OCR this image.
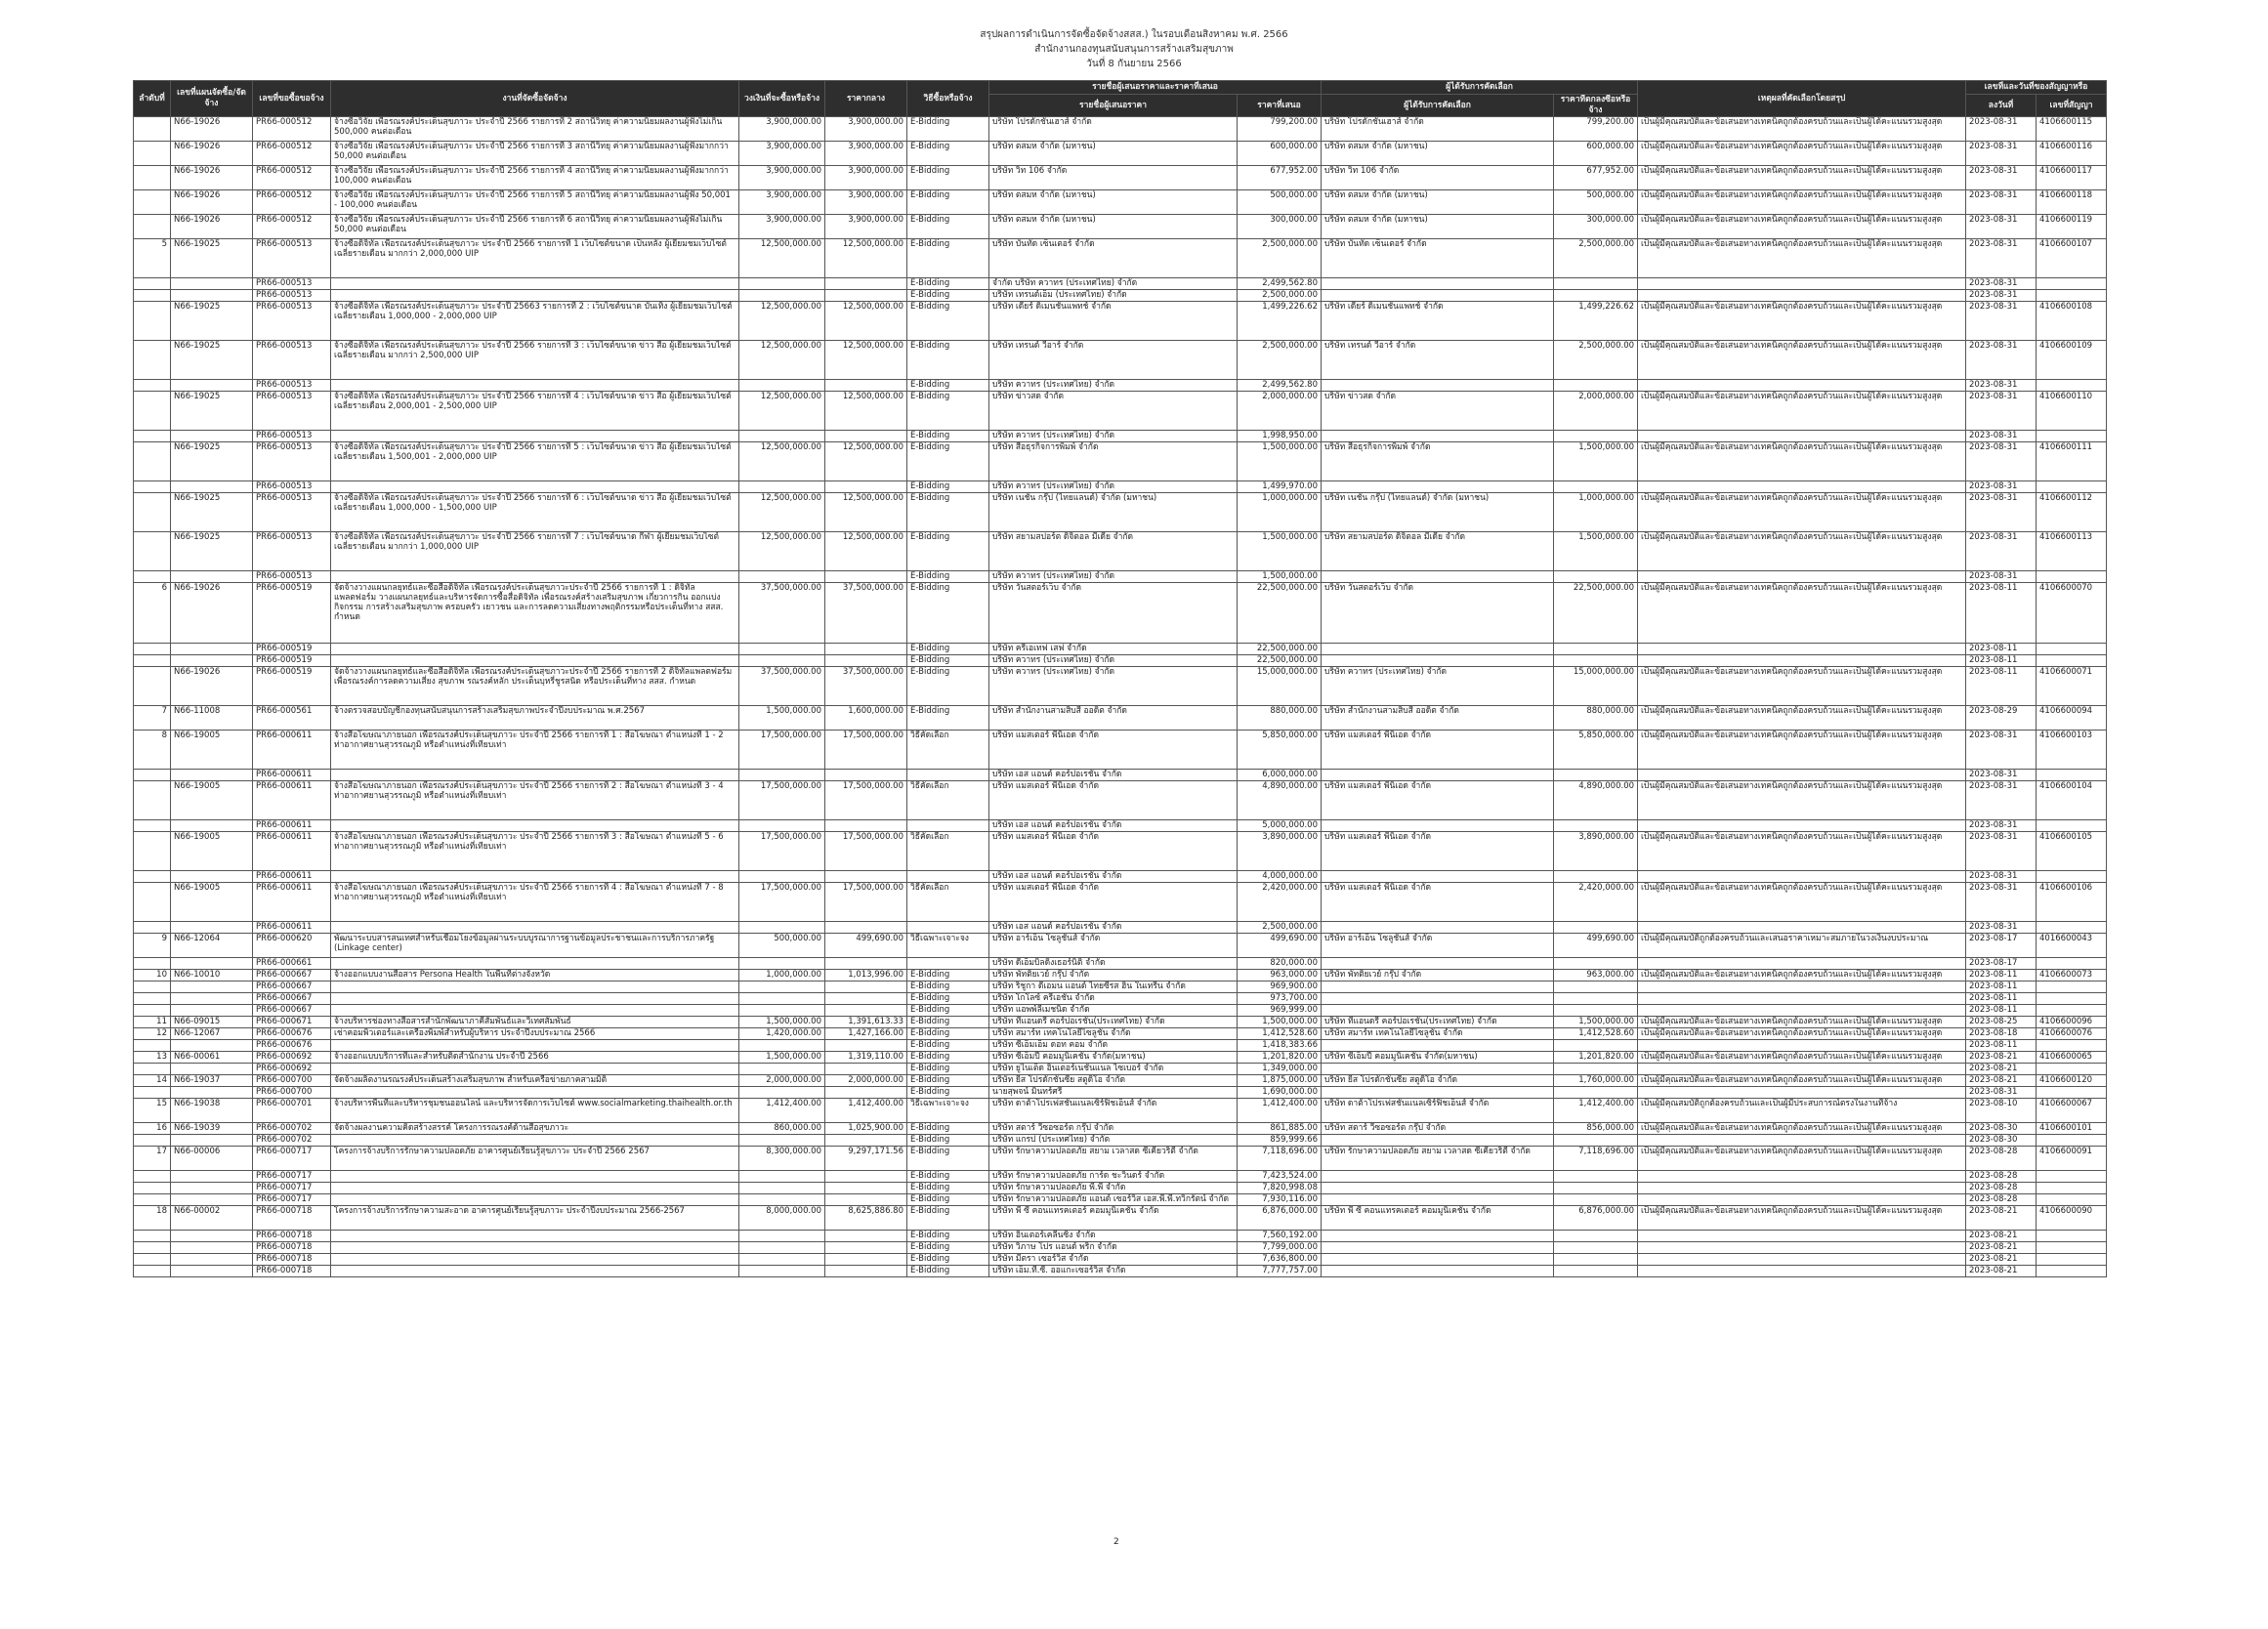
สรุปผลการดำเนินการจัดซื้อจัดจ้างสสส.) ในรอบเดือนสิงหาคม พ.ศ. 2566
สำนักงานกองทุนสนับสนุนการสร้างเสริมสุขภาพ
วันที่ 8 กันยายน 2566
ลำดับที่	เลขที่แผนจัดซื้อ/จัดจ้าง	เลขที่ขอซื้อขอจ้าง	งานที่จัดซื้อจัดจ้าง	วงเงินที่จะซื้อหรือจ้าง	ราคากลาง	วิธีซื้อหรือจ้าง	รายชื่อผู้เสนอราคาและราคาที่เสนอ		ผู้ได้รับการคัดเลือก		เหตุผลที่คัดเลือกโดยสรุป	เลขที่และวันที่ของสัญญาหรือ	
							รายชื่อผู้เสนอราคา	ราคาที่เสนอ	ผู้ได้รับการคัดเลือก	ราคาที่ตกลงซื้อหรือจ้าง		ลงวันที่	เลขที่สัญญา
	N66-19026	PR66-000512	จ้างซื้อวิจัย เพื่อรณรงค์ประเด็นสุขภาวะ ประจำปี 2566 รายการที่ 2 สถานีวิทยุ ค่าความนิยมผลงานผู้ฟังไม่เกิน 500,000 คนต่อเดือน	3,900,000.00	3,900,000.00	E-Bidding	บริษัท โปรดักชั่นเฮาส์ จำกัด	799,200.00	บริษัท โปรดักชั่นเฮาส์ จำกัด	799,200.00	เป็นผู้มีคุณสมบัติและข้อเสนอทางเทคนิคถูกต้องครบถ้วนและเป็นผู้ได้คะแนนรวมสูงสุด	2023-08-31	4106600115
	N66-19026	PR66-000512	จ้างซื้อวิจัย เพื่อรณรงค์ประเด็นสุขภาวะ ประจำปี 2566 รายการที่ 3 สถานีวิทยุ ค่าความนิยมผลงานผู้ฟังมากกว่า 50,000 คนต่อเดือน	3,900,000.00	3,900,000.00	E-Bidding	บริษัท ตสมห จำกัด (มหาชน)	600,000.00	บริษัท ตสมห จำกัด (มหาชน)	600,000.00	เป็นผู้มีคุณสมบัติและข้อเสนอทางเทคนิคถูกต้องครบถ้วนและเป็นผู้ได้คะแนนรวมสูงสุด	2023-08-31	4106600116
	N66-19026	PR66-000512	จ้างซื้อวิจัย เพื่อรณรงค์ประเด็นสุขภาวะ ประจำปี 2566 รายการที่ 4 สถานีวิทยุ ค่าความนิยมผลงานผู้ฟังมากกว่า 100,000 คนต่อเดือน	3,900,000.00	3,900,000.00	E-Bidding	บริษัท วิท 106 จำกัด	677,952.00	บริษัท วิท 106 จำกัด	677,952.00	เป็นผู้มีคุณสมบัติและข้อเสนอทางเทคนิคถูกต้องครบถ้วนและเป็นผู้ได้คะแนนรวมสูงสุด	2023-08-31	4106600117
	N66-19026	PR66-000512	จ้างซื้อวิจัย เพื่อรณรงค์ประเด็นสุขภาวะ ประจำปี 2566 รายการที่ 5 สถานีวิทยุ ค่าความนิยมผลงานผู้ฟัง 50,001 - 100,000 คนต่อเดือน	3,900,000.00	3,900,000.00	E-Bidding	บริษัท ตสมห จำกัด (มหาชน)	500,000.00	บริษัท ตสมห จำกัด (มหาชน)	500,000.00	เป็นผู้มีคุณสมบัติและข้อเสนอทางเทคนิคถูกต้องครบถ้วนและเป็นผู้ได้คะแนนรวมสูงสุด	2023-08-31	4106600118
	N66-19026	PR66-000512	จ้างซื้อวิจัย เพื่อรณรงค์ประเด็นสุขภาวะ ประจำปี 2566 รายการที่ 6 สถานีวิทยุ ค่าความนิยมผลงานผู้ฟังไม่เกิน 50,000 คนต่อเดือน	3,900,000.00	3,900,000.00	E-Bidding	บริษัท ตสมห จำกัด (มหาชน)	300,000.00	บริษัท ตสมห จำกัด (มหาชน)	300,000.00	เป็นผู้มีคุณสมบัติและข้อเสนอทางเทคนิคถูกต้องครบถ้วนและเป็นผู้ได้คะแนนรวมสูงสุด	2023-08-31	4106600119
5	N66-19025	PR66-000513	จ้างซื้อดิจิทัล เพื่อรณรงค์ประเด็นสุขภาวะ ประจำปี 2566 รายการที่ 1 เว็บไซต์ขนาด เป็นหลัง ผู้เยี่ยมชมเว็บไซต์เฉลี่ยรายเดือน มากกว่า 2,000,000 UIP	12,500,000.00	12,500,000.00	E-Bidding	บริษัท บันทัด เซ็นเตอร์ จำกัด	2,500,000.00	บริษัท บันทัด เซ็นเตอร์ จำกัด	2,500,000.00	เป็นผู้มีคุณสมบัติและข้อเสนอทางเทคนิคถูกต้องครบถ้วนและเป็นผู้ได้คะแนนรวมสูงสุด	2023-08-31	4106600107
		PR66-000513				E-Bidding	จำกัด บริษัท ควาทร (ประเทศไทย) จำกัด	2,499,562.80				2023-08-31	
		PR66-000513				E-Bidding	บริษัท เทรนด์เอ็ม (ประเทศไทย) จำกัด	2,500,000.00				2023-08-31	
	N66-19025	PR66-000513	จ้างซื้อดิจิทัล เพื่อรณรงค์ประเด็นสุขภาวะ ประจำปี 25663 รายการที่ 2 : เว็บไซต์ขนาด บันเทิง ผู้เยี่ยมชมเว็บไซต์ เฉลี่ยรายเดือน 1,000,000 - 2,000,000 UIP	12,500,000.00	12,500,000.00	E-Bidding	บริษัท เดียร์ ดิเมนชันแพทช์ จำกัด	1,499,226.62	บริษัท เดียร์ ดิเมนชันแพทช์ จำกัด	1,499,226.62	เป็นผู้มีคุณสมบัติและข้อเสนอทางเทคนิคถูกต้องครบถ้วนและเป็นผู้ได้คะแนนรวมสูงสุด	2023-08-31	4106600108
	N66-19025	PR66-000513	จ้างซื้อดิจิทัล เพื่อรณรงค์ประเด็นสุขภาวะ ประจำปี 2566 รายการที่ 3 : เว็บไซต์ขนาด ข่าว สื่อ ผู้เยี่ยมชมเว็บไซต์ เฉลี่ยรายเดือน มากกว่า 2,500,000 UIP	12,500,000.00	12,500,000.00	E-Bidding	บริษัท เทรนด์ วีอาร์ จำกัด	2,500,000.00	บริษัท เทรนด์ วีอาร์ จำกัด	2,500,000.00	เป็นผู้มีคุณสมบัติและข้อเสนอทางเทคนิคถูกต้องครบถ้วนและเป็นผู้ได้คะแนนรวมสูงสุด	2023-08-31	4106600109
		PR66-000513				E-Bidding	บริษัท ควาทร (ประเทศไทย) จำกัด	2,499,562.80				2023-08-31	
	N66-19025	PR66-000513	จ้างซื้อดิจิทัล เพื่อรณรงค์ประเด็นสุขภาวะ ประจำปี 2566 รายการที่ 4 : เว็บไซต์ขนาด ข่าว สื่อ ผู้เยี่ยมชมเว็บไซต์ เฉลี่ยรายเดือน 2,000,001 - 2,500,000 UIP	12,500,000.00	12,500,000.00	E-Bidding	บริษัท ข่าวสด จำกัด	2,000,000.00	บริษัท ข่าวสด จำกัด	2,000,000.00	เป็นผู้มีคุณสมบัติและข้อเสนอทางเทคนิคถูกต้องครบถ้วนและเป็นผู้ได้คะแนนรวมสูงสุด	2023-08-31	4106600110
		PR66-000513				E-Bidding	บริษัท ควาทร (ประเทศไทย) จำกัด	1,998,950.00				2023-08-31	
	N66-19025	PR66-000513	จ้างซื้อดิจิทัล เพื่อรณรงค์ประเด็นสุขภาวะ ประจำปี 2566 รายการที่ 5 : เว็บไซต์ขนาด ข่าว สื่อ ผู้เยี่ยมชมเว็บไซต์ เฉลี่ยรายเดือน 1,500,001 - 2,000,000 UIP	12,500,000.00	12,500,000.00	E-Bidding	บริษัท สื่อธุรกิจการพิมพ์ จำกัด	1,500,000.00	บริษัท สื่อธุรกิจการพิมพ์ จำกัด	1,500,000.00	เป็นผู้มีคุณสมบัติและข้อเสนอทางเทคนิคถูกต้องครบถ้วนและเป็นผู้ได้คะแนนรวมสูงสุด	2023-08-31	4106600111
		PR66-000513				E-Bidding	บริษัท ควาทร (ประเทศไทย) จำกัด	1,499,970.00				2023-08-31	
	N66-19025	PR66-000513	จ้างซื้อดิจิทัล เพื่อรณรงค์ประเด็นสุขภาวะ ประจำปี 2566 รายการที่ 6 : เว็บไซต์ขนาด ข่าว สื่อ ผู้เยี่ยมชมเว็บไซต์ เฉลี่ยรายเดือน 1,000,000 - 1,500,000 UIP	12,500,000.00	12,500,000.00	E-Bidding	บริษัท เนชั่น กรุ๊ป (ไทยแลนด์) จำกัด (มหาชน)	1,000,000.00	บริษัท เนชั่น กรุ๊ป (ไทยแลนด์) จำกัด (มหาชน)	1,000,000.00	เป็นผู้มีคุณสมบัติและข้อเสนอทางเทคนิคถูกต้องครบถ้วนและเป็นผู้ได้คะแนนรวมสูงสุด	2023-08-31	4106600112
	N66-19025	PR66-000513	จ้างซื้อดิจิทัล เพื่อรณรงค์ประเด็นสุขภาวะ ประจำปี 2566 รายการที่ 7 : เว็บไซต์ขนาด กีฬา ผู้เยี่ยมชมเว็บไซต์ เฉลี่ยรายเดือน มากกว่า 1,000,000 UIP	12,500,000.00	12,500,000.00	E-Bidding	บริษัท สยามสปอร์ต ดิจิตอล มีเดีย จำกัด	1,500,000.00	บริษัท สยามสปอร์ต ดิจิตอล มีเดีย จำกัด	1,500,000.00	เป็นผู้มีคุณสมบัติและข้อเสนอทางเทคนิคถูกต้องครบถ้วนและเป็นผู้ได้คะแนนรวมสูงสุด	2023-08-31	4106600113
		PR66-000513				E-Bidding	บริษัท ควาทร (ประเทศไทย) จำกัด	1,500,000.00				2023-08-31	
6	N66-19026	PR66-000519	จัดจ้างวางแผนกลยุทธ์และซื้อสื่อดิจิทัล เพื่อรณรงค์ประเด็นสุขภาวะประจำปี 2566 รายการที่ 1 : ดิจิทัลแพลตฟอร์ม วางแผนกลยุทธ์และบริหารจัดการซื้อสื่อดิจิทัล เพื่อรณรงค์สร้างเสริมสุขภาพ เกี่ยวการกิน ออกแบ่งกิจกรรม การสร้างเสริมสุขภาพ ครอบครัว เยาวชน และการลดความเสี่ยงทางพฤติกรรมหรือประเด็นที่ทาง สสส. กำหนด	37,500,000.00	37,500,000.00	E-Bidding	บริษัท วันสตอร์เว็บ จำกัด	22,500,000.00	บริษัท วันสตอร์เว็บ จำกัด	22,500,000.00	เป็นผู้มีคุณสมบัติและข้อเสนอทางเทคนิคถูกต้องครบถ้วนและเป็นผู้ได้คะแนนรวมสูงสุด	2023-08-11	4106600070
		PR66-000519				E-Bidding	บริษัท ครีเอเทฟ เสฟ จำกัด	22,500,000.00				2023-08-11	
		PR66-000519				E-Bidding	บริษัท ควาทร (ประเทศไทย) จำกัด	22,500,000.00				2023-08-11	
	N66-19026	PR66-000519	จัดจ้างวางแผนกลยุทธ์และซื้อสื่อดิจิทัล เพื่อรณรงค์ประเด็นสุขภาวะประจำปี 2566 รายการที่ 2 ดิจิทัลแพลตฟอร์ม เพื่อรณรงค์การลดความเสี่ยง สุขภาพ รณรงค์หลัก ประเด็นบุหรี่ชูรสนิด หรือประเด็นที่ทาง สสส. กำหนด	37,500,000.00	37,500,000.00	E-Bidding	บริษัท ควาทร (ประเทศไทย) จำกัด	15,000,000.00	บริษัท ควาทร (ประเทศไทย) จำกัด	15,000,000.00	เป็นผู้มีคุณสมบัติและข้อเสนอทางเทคนิคถูกต้องครบถ้วนและเป็นผู้ได้คะแนนรวมสูงสุด	2023-08-11	4106600071
7	N66-11008	PR66-000561	จ้างตรวจสอบบัญชีกองทุนสนับสนุนการสร้างเสริมสุขภาพประจำปีงบประมาณ พ.ศ.2567	1,500,000.00	1,600,000.00	E-Bidding	บริษัท สำนักงานสามสิบสี่ ออดิต จำกัด	880,000.00	บริษัท สำนักงานสามสิบสี่ ออดิต จำกัด	880,000.00	เป็นผู้มีคุณสมบัติและข้อเสนอทางเทคนิคถูกต้องครบถ้วนและเป็นผู้ได้คะแนนรวมสูงสุด	2023-08-29	4106600094
8	N66-19005	PR66-000611	จ้างสื่อโฆษณาภายนอก เพื่อรณรงค์ประเด็นสุขภาวะ ประจำปี 2566 รายการที่ 1 : สื่อโฆษณา ตำแหน่งที่ 1 - 2 ท่าอากาศยานสุวรรณภูมิ หรือตำแหน่งที่เทียบเท่า	17,500,000.00	17,500,000.00	วิธีคัดเลือก	บริษัท แมสเตอร์ พีนิเอด จำกัด	5,850,000.00	บริษัท แมสเตอร์ พีนิเอด จำกัด	5,850,000.00	เป็นผู้มีคุณสมบัติและข้อเสนอทางเทคนิคถูกต้องครบถ้วนและเป็นผู้ได้คะแนนรวมสูงสุด	2023-08-31	4106600103
		PR66-000611					บริษัท เอส แอนด์ คอร์ปอเรชั่น จำกัด	6,000,000.00				2023-08-31	
	N66-19005	PR66-000611	จ้างสื่อโฆษณาภายนอก เพื่อรณรงค์ประเด็นสุขภาวะ ประจำปี 2566 รายการที่ 2 : สื่อโฆษณา ตำแหน่งที่ 3 - 4 ท่าอากาศยานสุวรรณภูมิ หรือตำแหน่งที่เทียบเท่า	17,500,000.00	17,500,000.00	วิธีคัดเลือก	บริษัท แมสเตอร์ พีนิเอด จำกัด	4,890,000.00	บริษัท แมสเตอร์ พีนิเอด จำกัด	4,890,000.00	เป็นผู้มีคุณสมบัติและข้อเสนอทางเทคนิคถูกต้องครบถ้วนและเป็นผู้ได้คะแนนรวมสูงสุด	2023-08-31	4106600104
		PR66-000611					บริษัท เอส แอนด์ คอร์ปอเรชั่น จำกัด	5,000,000.00				2023-08-31	
	N66-19005	PR66-000611	จ้างสื่อโฆษณาภายนอก เพื่อรณรงค์ประเด็นสุขภาวะ ประจำปี 2566 รายการที่ 3 : สื่อโฆษณา ตำแหน่งที่ 5 - 6 ท่าอากาศยานสุวรรณภูมิ หรือตำแหน่งที่เทียบเท่า	17,500,000.00	17,500,000.00	วิธีคัดเลือก	บริษัท แมสเตอร์ พีนิเอด จำกัด	3,890,000.00	บริษัท แมสเตอร์ พีนิเอด จำกัด	3,890,000.00	เป็นผู้มีคุณสมบัติและข้อเสนอทางเทคนิคถูกต้องครบถ้วนและเป็นผู้ได้คะแนนรวมสูงสุด	2023-08-31	4106600105
		PR66-000611					บริษัท เอส แอนด์ คอร์ปอเรชั่น จำกัด	4,000,000.00				2023-08-31	
	N66-19005	PR66-000611	จ้างสื่อโฆษณาภายนอก เพื่อรณรงค์ประเด็นสุขภาวะ ประจำปี 2566 รายการที่ 4 : สื่อโฆษณา ตำแหน่งที่ 7 - 8 ท่าอากาศยานสุวรรณภูมิ หรือตำแหน่งที่เทียบเท่า	17,500,000.00	17,500,000.00	วิธีคัดเลือก	บริษัท แมสเตอร์ พีนิเอด จำกัด	2,420,000.00	บริษัท แมสเตอร์ พีนิเอด จำกัด	2,420,000.00	เป็นผู้มีคุณสมบัติและข้อเสนอทางเทคนิคถูกต้องครบถ้วนและเป็นผู้ได้คะแนนรวมสูงสุด	2023-08-31	4106600106
		PR66-000611					บริษัท เอส แอนด์ คอร์ปอเรชั่น จำกัด	2,500,000.00				2023-08-31	
9	N66-12064	PR66-000620	พัฒนาระบบสารสนเทศสำหรับเชื่อมโยงข้อมูลผ่านระบบบูรณาการฐานข้อมูลประชาชนและการบริการภาครัฐ (Linkage center)	500,000.00	499,690.00	วิธีเฉพาะเจาะจง	บริษัท อาร์เอ็น โซลูชั่นส์ จำกัด	499,690.00	บริษัท อาร์เอ็น โซลูชั่นส์ จำกัด	499,690.00	เป็นผู้มีคุณสมบัติถูกต้องครบถ้วนและเสนอราคาเหมาะสมภายในวงเงินงบประมาณ	2023-08-17	4016600043
		PR66-000661					บริษัท ดีเอ็มบิลดิ้งเธอร์นิติ จำกัด	820,000.00				2023-08-17	
10	N66-10010	PR66-000667	จ้างออกแบบงานสื่อสาร Persona Health ในพื้นที่ต่างจังหวัด	1,000,000.00	1,013,996.00	E-Bidding	บริษัท พัทติยเวย์ กรุ๊ป จำกัด	963,000.00	บริษัท พัทติยเวย์ กรุ๊ป จำกัด	963,000.00	เป็นผู้มีคุณสมบัติและข้อเสนอทางเทคนิคถูกต้องครบถ้วนและเป็นผู้ได้คะแนนรวมสูงสุด	2023-08-11	4106600073
		PR66-000667				E-Bidding	บริษัท ริชูกา ดีเอมน แอนด์ ไทยซีรส ฮิน ในเทรีน จำกัด	969,900.00				2023-08-11	
		PR66-000667				E-Bidding	บริษัท โกโลซ์ ครีเอชั่น จำกัด	973,700.00				2023-08-11	
		PR66-000667				E-Bidding	บริษัท แอพพ์ลีเมชนิด จำกัด	969,999.00				2023-08-11	
11	N66-09015	PR66-000671	จ้างบริหารช่องทางสื่อสารสำนักพัฒนาภาคีสัมพันธ์และวิเทศสัมพันธ์	1,500,000.00	1,391,613.33	E-Bidding	บริษัท ทีแอนดรี คอร์ปอเรชั่น(ประเทศไทย) จำกัด	1,500,000.00	บริษัท ทีแอนดรี คอร์ปอเรชั่น(ประเทศไทย) จำกัด	1,500,000.00	เป็นผู้มีคุณสมบัติและข้อเสนอทางเทคนิคถูกต้องครบถ้วนและเป็นผู้ได้คะแนนรวมสูงสุด	2023-08-25	4106600096
12	N66-12067	PR66-000676	เช่าคอมพิวเตอร์และเครื่องพิมพ์สำหรับผู้บริหาร ประจำปีงบประมาณ 2566	1,420,000.00	1,427,166.00	E-Bidding	บริษัท สมาร์ท เทคโนโลยีไซลูชั่น จำกัด	1,412,528.60	บริษัท สมาร์ท เทคโนโลยีไซลูชั่น จำกัด	1,412,528.60	เป็นผู้มีคุณสมบัติและข้อเสนอทางเทคนิคถูกต้องครบถ้วนและเป็นผู้ได้คะแนนรวมสูงสุด	2023-08-18	4106600076
		PR66-000676				E-Bidding	บริษัท ซีเอ็มเอ็ม ดอท คอม จำกัด	1,418,383.66				2023-08-11	
13	N66-00061	PR66-000692	จ้างออกแบบบริการที่และสำหรับติดสำนักงาน ประจำปี 2566	1,500,000.00	1,319,110.00	E-Bidding	บริษัท ซีเอ็มปี คอมมูนิเคชั่น จำกัด(มหาชน)	1,201,820.00	บริษัท ซีเอ็มปี คอมมูนิเคชั่น จำกัด(มหาชน)	1,201,820.00	เป็นผู้มีคุณสมบัติและข้อเสนอทางเทคนิคถูกต้องครบถ้วนและเป็นผู้ได้คะแนนรวมสูงสุด	2023-08-21	4106600065
		PR66-000692				E-Bidding	บริษัท ยูไนเต็ด อินเตอร์เนชั่นแนล ไซเบอร์ จำกัด	1,349,000.00				2023-08-21	
14	N66-19037	PR66-000700	จัดจ้างผลิตงานรณรงค์ประเด็นสร้างเสริมสุขภาพ สำหรับเครือข่ายภาคสามมิติ	2,000,000.00	2,000,000.00	E-Bidding	บริษัท ยีส โปรดักชั่นซีย สตูดิโอ จำกัด	1,875,000.00	บริษัท ยีส โปรดักชั่นซีย สตูดิโอ จำกัด	1,760,000.00	เป็นผู้มีคุณสมบัติและข้อเสนอทางเทคนิคถูกต้องครบถ้วนและเป็นผู้ได้คะแนนรวมสูงสุด	2023-08-21	4106600120
		PR66-000700				E-Bidding	นายสุพจน์ มินทร์ศรี	1,690,000.00				2023-08-31	
15	N66-19038	PR66-000701	จ้างบริหารพื้นที่และบริหารชุมชนออนไลน์ และบริหารจัดการเว็บไซต์ www.socialmarketing.thaihealth.or.th	1,412,400.00	1,412,400.00	วิธีเฉพาะเจาะจง	บริษัท ดาต้าโปรเฟสชันแนลเซิร์ฟิชเอ็นส์ จำกัด	1,412,400.00	บริษัท ดาต้าโปรเฟสชันแนลเซิร์ฟิชเอ็นส์ จำกัด	1,412,400.00	เป็นผู้มีคุณสมบัติถูกต้องครบถ้วนและเป็นผู้มีประสบการณ์ตรงในงานที่จ้าง	2023-08-10	4106600067
16	N66-19039	PR66-000702	จัดจ้างผลงานความคิดสร้างสรรค์ โครงการรณรงค์ด้านสื่อสุขภาวะ	860,000.00	1,025,900.00	E-Bidding	บริษัท สตาร์ วีซอซอร์ต กรุ๊ป จำกัด	861,885.00	บริษัท สตาร์ วีซอซอร์ต กรุ๊ป จำกัด	856,000.00	เป็นผู้มีคุณสมบัติและข้อเสนอทางเทคนิคถูกต้องครบถ้วนและเป็นผู้ได้คะแนนรวมสูงสุด	2023-08-30	4106600101
		PR66-000702				E-Bidding	บริษัท แกรป (ประเทศไทย) จำกัด	859,999.66				2023-08-30	
17	N66-00006	PR66-000717	โครงการจ้างบริการรักษาความปลอดภัย อาคารศูนย์เรียนรู้สุขภาวะ ประจำปี 2566 2567	8,300,000.00	9,297,171.56	E-Bidding	บริษัท รักษาความปลอดภัย สยาม เวลาสด ซีเคียวริตี้ จำกัด	7,118,696.00	บริษัท รักษาความปลอดภัย สยาม เวลาสด ซีเคียวริตี้ จำกัด	7,118,696.00	เป็นผู้มีคุณสมบัติและข้อเสนอทางเทคนิคถูกต้องครบถ้วนและเป็นผู้ได้คะแนนรวมสูงสุด	2023-08-28	4106600091
		PR66-000717				E-Bidding	บริษัท รักษาความปลอดภัย การ์ด ชะวินดร์ จำกัด	7,423,524.00				2023-08-28	
		PR66-000717				E-Bidding	บริษัท รักษาความปลอดภัย พี.พี จำกัด	7,820,998.08				2023-08-28	
		PR66-000717				E-Bidding	บริษัท รักษาความปลอดภัย แอนด์ เซอร์วิส เอส.พี.พี.ทวิกรัตน์ จำกัด	7,930,116.00				2023-08-28	
18	N66-00002	PR66-000718	โครงการจ้างบริการรักษาความสะอาด อาคารศูนย์เรียนรู้สุขภาวะ ประจำปีงบประมาณ 2566-2567	8,000,000.00	8,625,886.80	E-Bidding	บริษัท พี ซี คอนแทรคเตอร์ คอมมูนิเคชั่น จำกัด	6,876,000.00	บริษัท พี ซี คอนแทรคเตอร์ คอมมูนิเคชั่น จำกัด	6,876,000.00	เป็นผู้มีคุณสมบัติและข้อเสนอทางเทคนิคถูกต้องครบถ้วนและเป็นผู้ได้คะแนนรวมสูงสุด	2023-08-21	4106600090
		PR66-000718				E-Bidding	บริษัท อินเตอร์เคลีนซิ่ง จำกัด	7,560,192.00				2023-08-21	
		PR66-000718				E-Bidding	บริษัท วิภาษ โปร แอนด์ พริก จำกัด	7,799,000.00				2023-08-21	
		PR66-000718				E-Bidding	บริษัท มีตรา เซอร์วิส จำกัด	7,636,800.00				2023-08-21	
		PR66-000718				E-Bidding	บริษัท เอ็ม.ที.ซี. ออแกะเซอร์วิส จำกัด	7,777,757.00				2023-08-21	
2
